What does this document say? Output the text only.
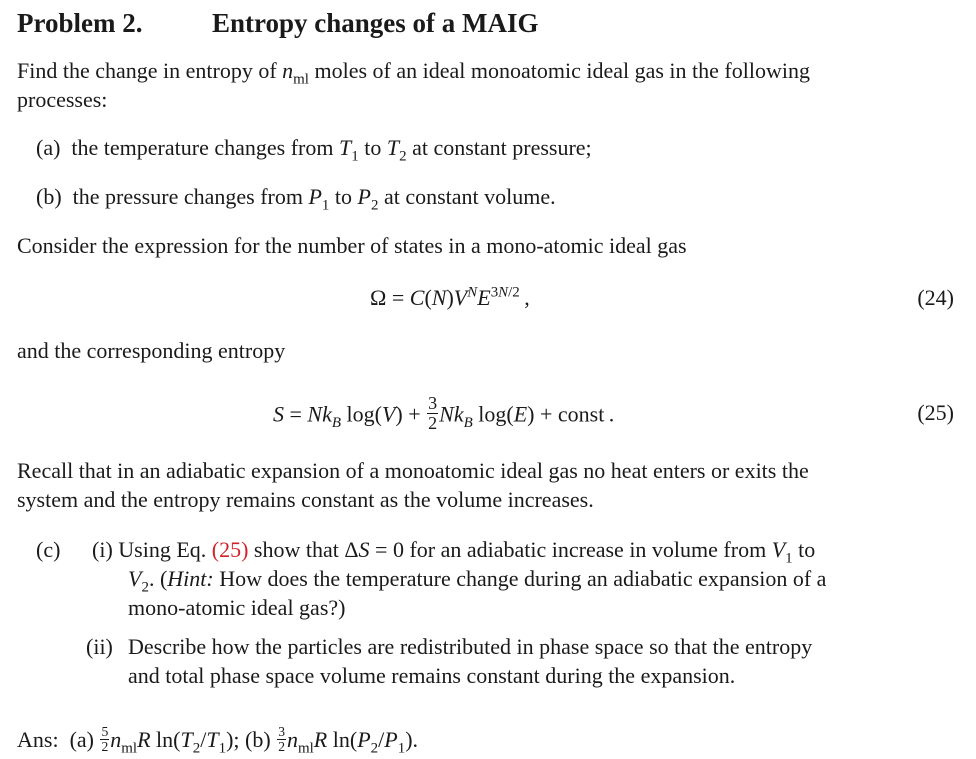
Problem 2.	Entropy changes of a MAIG
Find the change in entropy of $n_{ml}$ moles of an ideal monoatomic ideal gas in the following
processes:
(a) the temperature changes from $T_1$ to $T_2$ at constant pressure;
(b) the pressure changes from $P_1$ to $P_2$ at constant volume.
Consider the expression for the number of states in a mono-atomic ideal gas
$\Omega = C(N)V^NE^{3N/2}$ ,	(24)
and the corresponding entropy
$S = Nk_B$ $\log(V) + \frac{3}{2} Nk_B$ log(E) + const .	(25)
Recall that in an adiabatic expansion of a monoatomic ideal gas no heat enters or exits the
system and the entropy remains constant as the volume increases.
(c) (i) Using Eq. (25) show that ΔS = 0 for an adiabatic increase in volume from $V_1$ to
$V_2$. (Hint: How does the temperature change during an adiabatic expansion of a
mono-atomic ideal gas?)
(ii) Describe how the particles are redistributed in phase space so that the entropy
and total phase space volume remains constant during the expansion.
Ans: $(a) \frac{5}{2} n_{ml}R$ $\ln(T_2/T_1)$; $(b) \frac{3}{2} n_{ml}R$ $\ln(P_2/P_1)$.
